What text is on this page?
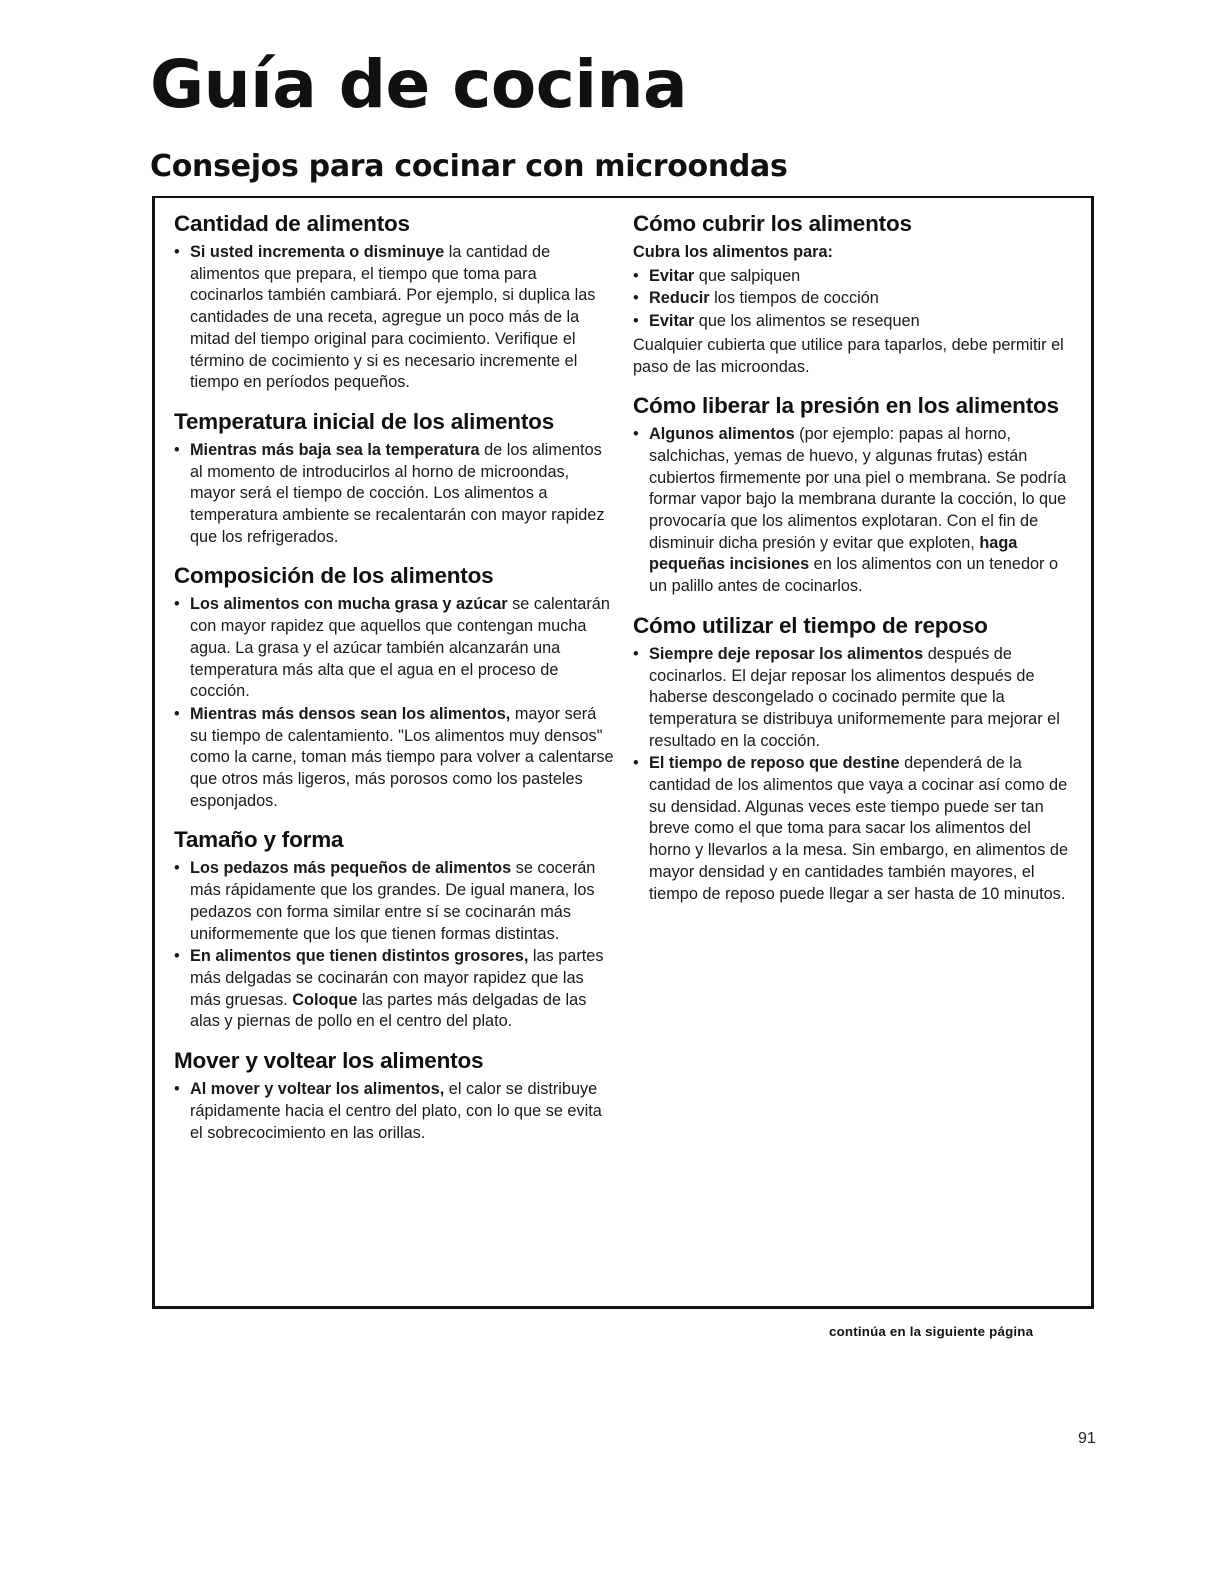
Guía de cocina
Consejos para cocinar con microondas
Cantidad de alimentos
• Si usted incrementa o disminuye la cantidad de alimentos que prepara, el tiempo que toma para cocinarlos también cambiará. Por ejemplo, si duplica las cantidades de una receta, agregue un poco más de la mitad del tiempo original para cocimiento. Verifique el término de cocimiento y si es necesario incremente el tiempo en períodos pequeños.
Temperatura inicial de los alimentos
• Mientras más baja sea la temperatura de los alimentos al momento de introducirlos al horno de microondas, mayor será el tiempo de cocción. Los alimentos a temperatura ambiente se recalentarán con mayor rapidez que los refrigerados.
Composición de los alimentos
• Los alimentos con mucha grasa y azúcar se calentarán con mayor rapidez que aquellos que contengan mucha agua. La grasa y el azúcar también alcanzarán una temperatura más alta que el agua en el proceso de cocción.
• Mientras más densos sean los alimentos, mayor será su tiempo de calentamiento. "Los alimentos muy densos" como la carne, toman más tiempo para volver a calentarse que otros más ligeros, más porosos como los pasteles esponjados.
Tamaño y forma
• Los pedazos más pequeños de alimentos se cocerán más rápidamente que los grandes. De igual manera, los pedazos con forma similar entre sí se cocinarán más uniformemente que los que tienen formas distintas.
• En alimentos que tienen distintos grosores, las partes más delgadas se cocinarán con mayor rapidez que las más gruesas. Coloque las partes más delgadas de las alas y piernas de pollo en el centro del plato.
Mover y voltear los alimentos
• Al mover y voltear los alimentos, el calor se distribuye rápidamente hacia el centro del plato, con lo que se evita el sobrecocimiento en las orillas.
Cómo cubrir los alimentos

Cubra los alimentos para:

• Evitar que salpiquen
• Reducir los tiempos de cocción
• Evitar que los alimentos se resequen

Cualquier cubierta que utilice para taparlos, debe permitir el paso de las microondas.

Cómo liberar la presión en los alimentos
• Algunos alimentos (por ejemplo: papas al horno, salchichas, yemas de huevo, y algunas frutas) están cubiertos firmemente por una piel o membrana. Se podría formar vapor bajo la membrana durante la cocción, lo que provocaría que los alimentos explotaran. Con el fin de disminuir dicha presión y evitar que exploten, haga pequeñas incisiones en los alimentos con un tenedor o un palillo antes de cocinarlos.
Cómo utilizar el tiempo de reposo
• Siempre deje reposar los alimentos después de cocinarlos. El dejar reposar los alimentos después de haberse descongelado o cocinado permite que la temperatura se distribuya uniformemente para mejorar el resultado en la cocción.
• El tiempo de reposo que destine dependerá de la cantidad de los alimentos que vaya a cocinar así como de su densidad. Algunas veces este tiempo puede ser tan breve como el que toma para sacar los alimentos del horno y llevarlos a la mesa. Sin embargo, en alimentos de mayor densidad y en cantidades también mayores, el tiempo de reposo puede llegar a ser hasta de 10 minutos.
continúa en la siguiente página
91
